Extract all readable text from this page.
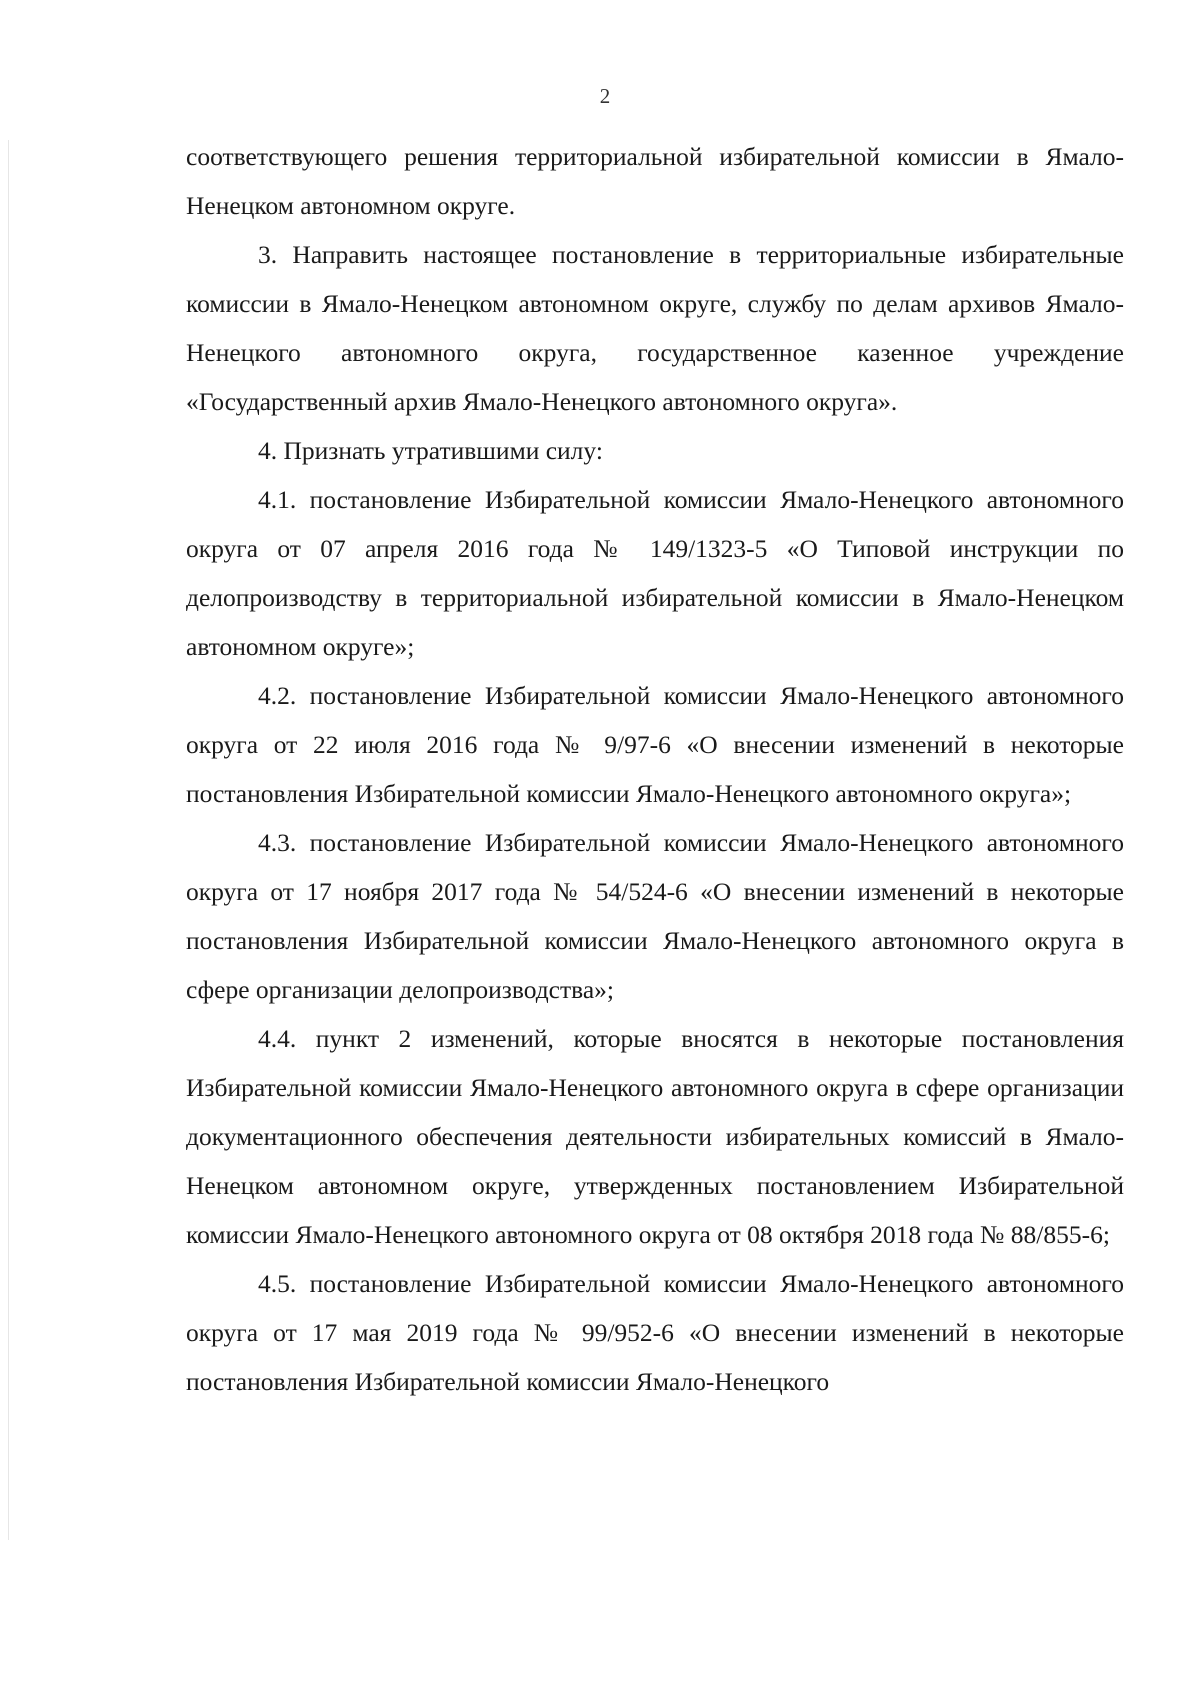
2

соответствующего решения территориальной избирательной комиссии в Ямало-Ненецком автономном округе.

3. Направить настоящее постановление в территориальные избирательные комиссии в Ямало-Ненецком автономном округе, службу по делам архивов Ямало-Ненецкого автономного округа, государственное казенное учреждение «Государственный архив Ямало-Ненецкого автономного округа».

4. Признать утратившими силу:

4.1. постановление Избирательной комиссии Ямало-Ненецкого автономного округа от 07 апреля 2016 года № 149/1323-5 «О Типовой инструкции по делопроизводству в территориальной избирательной комиссии в Ямало-Ненецком автономном округе»;

4.2. постановление Избирательной комиссии Ямало-Ненецкого автономного округа от 22 июля 2016 года № 9/97-6 «О внесении изменений в некоторые постановления Избирательной комиссии Ямало-Ненецкого автономного округа»;

4.3. постановление Избирательной комиссии Ямало-Ненецкого автономного округа от 17 ноября 2017 года № 54/524-6 «О внесении изменений в некоторые постановления Избирательной комиссии Ямало-Ненецкого автономного округа в сфере организации делопроизводства»;

4.4. пункт 2 изменений, которые вносятся в некоторые постановления Избирательной комиссии Ямало-Ненецкого автономного округа в сфере организации документационного обеспечения деятельности избирательных комиссий в Ямало-Ненецком автономном округе, утвержденных постановлением Избирательной комиссии Ямало-Ненецкого автономного округа от 08 октября 2018 года № 88/855-6;

4.5. постановление Избирательной комиссии Ямало-Ненецкого автономного округа от 17 мая 2019 года № 99/952-6 «О внесении изменений в некоторые постановления Избирательной комиссии Ямало-Ненецкого
